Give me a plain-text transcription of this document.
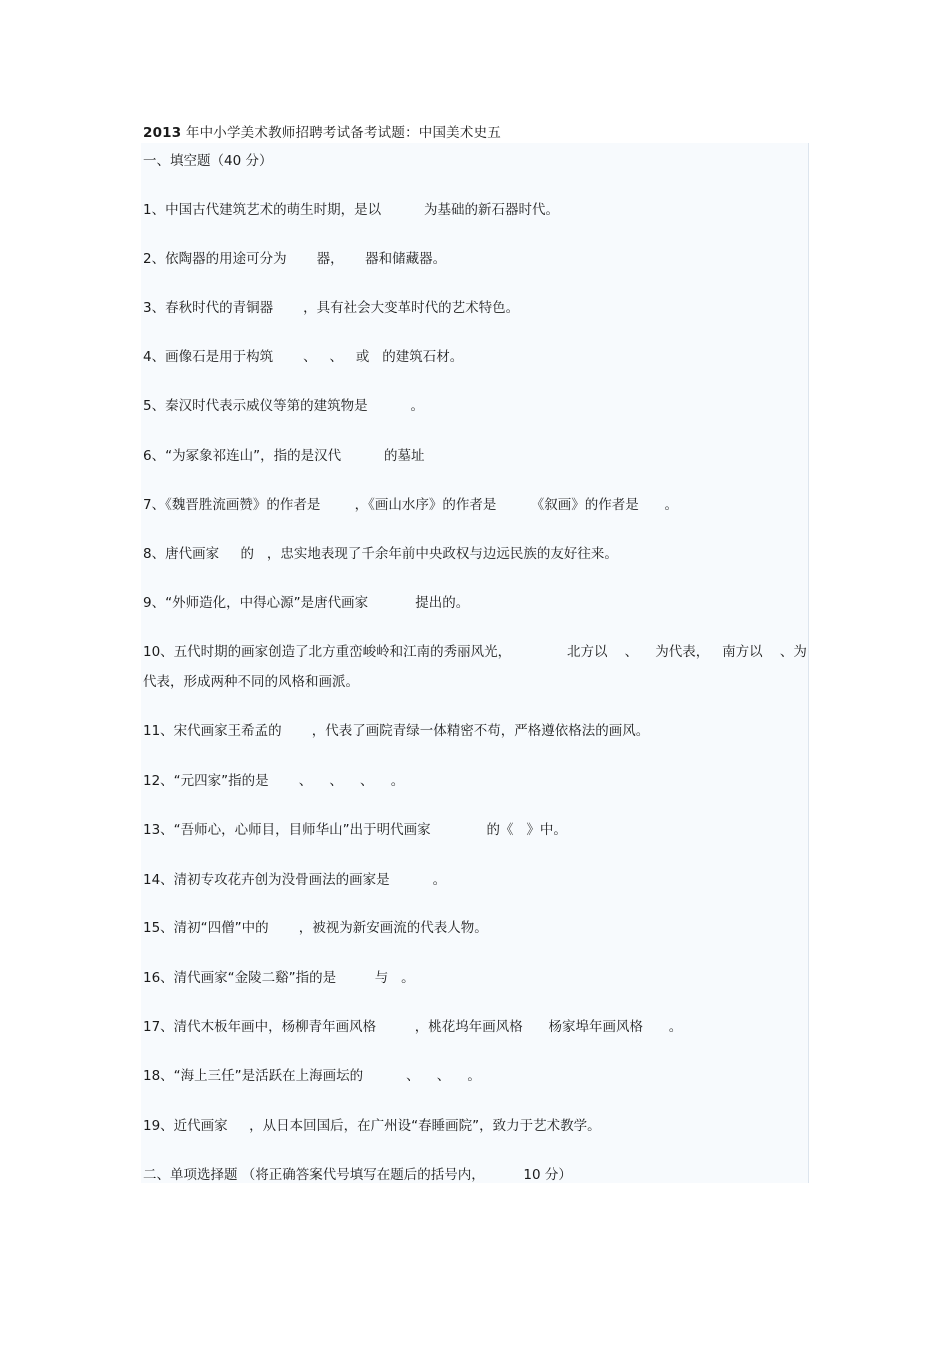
2013 年中小学美术教师招聘考试备考试题：中国美术史五
一、填空题（40 分）
1、中国古代建筑艺术的萌生时期，是以          为基础的新石器时代。
2、依陶器的用途可分为       器，     器和储藏器。
3、春秋时代的青铜器       ，具有社会大变革时代的艺术特色。
4、画像石是用于构筑       、   、   或   的建筑石材。
5、秦汉时代表示威仪等第的建筑物是          。
6、“为冢象祁连山”，指的是汉代          的墓址
7、《魏晋胜流画赞》的作者是        ，《画山水序》的作者是        《叙画》的作者是      。
8、唐代画家     的   ，忠实地表现了千余年前中央政权与边远民族的友好往来。
9、“外师造化，中得心源”是唐代画家           提出的。
10、五代时期的画家创造了北方重峦峻岭和江南的秀丽风光，             北方以    、    为代表，   南方以    、为代表，形成两种不同的风格和画派。
11、宋代画家王希孟的       ，代表了画院青绿一体精密不苟，严格遵依格法的画风。
12、“元四家”指的是       、    、    、    。
13、“吾师心，心师目，目师华山”出于明代画家             的《   》中。
14、清初专攻花卉创为没骨画法的画家是          。
15、清初“四僧”中的       ，被视为新安画流的代表人物。
16、清代画家“金陵二谿”指的是         与   。
17、清代木板年画中，杨柳青年画风格         ，桃花坞年画风格      杨家埠年画风格      。
18、“海上三任”是活跃在上海画坛的          、    、    。
19、近代画家     ，从日本回国后，在广州设“春睡画院”，致力于艺术教学。
二、单项选择题 （将正确答案代号填写在题后的括号内，         10 分）
